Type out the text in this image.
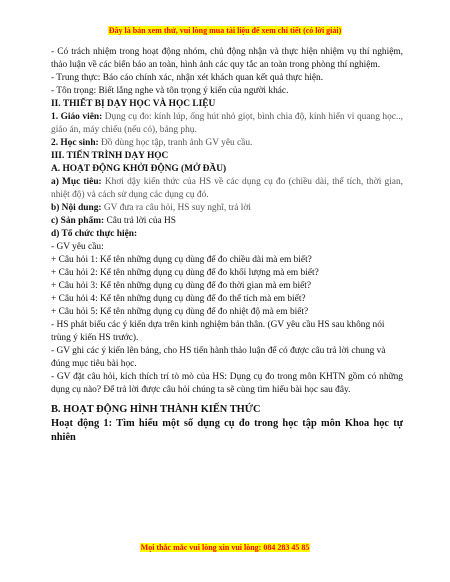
Đây là bản xem thử, vui lòng mua tài liệu để xem chi tiết (có lời giải)

- Có trách nhiệm trong hoạt động nhóm, chủ động nhận và thực hiện nhiệm vụ thí nghiệm, thảo luận về các biển báo an toàn, hình ảnh các quy tắc an toàn trong phòng thí nghiệm.

- Trung thực: Báo cáo chính xác, nhận xét khách quan kết quả thực hiện.

- Tôn trọng: Biết lắng nghe và tôn trọng ý kiến của người khác.

II. THIẾT BỊ DẠY HỌC VÀ HỌC LIỆU

1. Giáo viên: Dụng cụ đo: kính lúp, ống hút nhỏ giọt, bình chia độ, kính hiển vi quang học.., giáo án, máy chiếu (nếu có), bảng phụ.

2. Học sinh: Đồ dùng học tập, tranh ảnh GV yêu cầu.

III. TIẾN TRÌNH DẠY HỌC

A. HOẠT ĐỘNG KHỞI ĐỘNG (MỞ ĐẦU)

a) Mục tiêu: Khơi dậy kiến thức của HS về các dụng cụ đo (chiều dài, thể tích, thời gian, nhiệt độ) và cách sử dụng các dụng cụ đó.

b) Nội dung: GV đưa ra câu hỏi, HS suy nghĩ, trả lời

c) Sản phẩm: Câu trả lời của HS

d) Tổ chức thực hiện:

- GV yêu cầu:

+ Câu hỏi 1: Kể tên những dụng cụ dùng để đo chiều dài mà em biết?

+ Câu hỏi 2: Kể tên những dụng cụ dùng để đo khối lượng mà em biết?

+ Câu hỏi 3: Kể tên những dụng cụ dùng để đo thời gian mà em biết?

+ Câu hỏi 4: Kể tên những dụng cụ dùng để đo thể tích mà em biết?

+ Câu hỏi 5: Kể tên những dụng cụ dùng để đo nhiệt độ mà em biết?

- HS phát biểu các ý kiến dựa trên kinh nghiệm bản thân. (GV yêu cầu HS sau không nói trùng ý kiến HS trước).

- GV ghi các ý kiến lên bảng, cho HS tiến hành thảo luận để có được câu trả lời chung và đúng mục tiêu bài học.

- GV đặt câu hỏi, kích thích trí tò mò của HS: Dụng cụ đo trong môn KHTN gồm có những dụng cụ nào? Để trả lời được câu hỏi chúng ta sẽ cùng tìm hiểu bài học sau đây.

B. HOẠT ĐỘNG HÌNH THÀNH KIẾN THỨC

Hoạt động 1: Tìm hiểu một số dụng cụ đo trong học tập môn Khoa học tự nhiên

Mọi thắc mắc vui lòng xin vui lòng: 084 283 45 85
